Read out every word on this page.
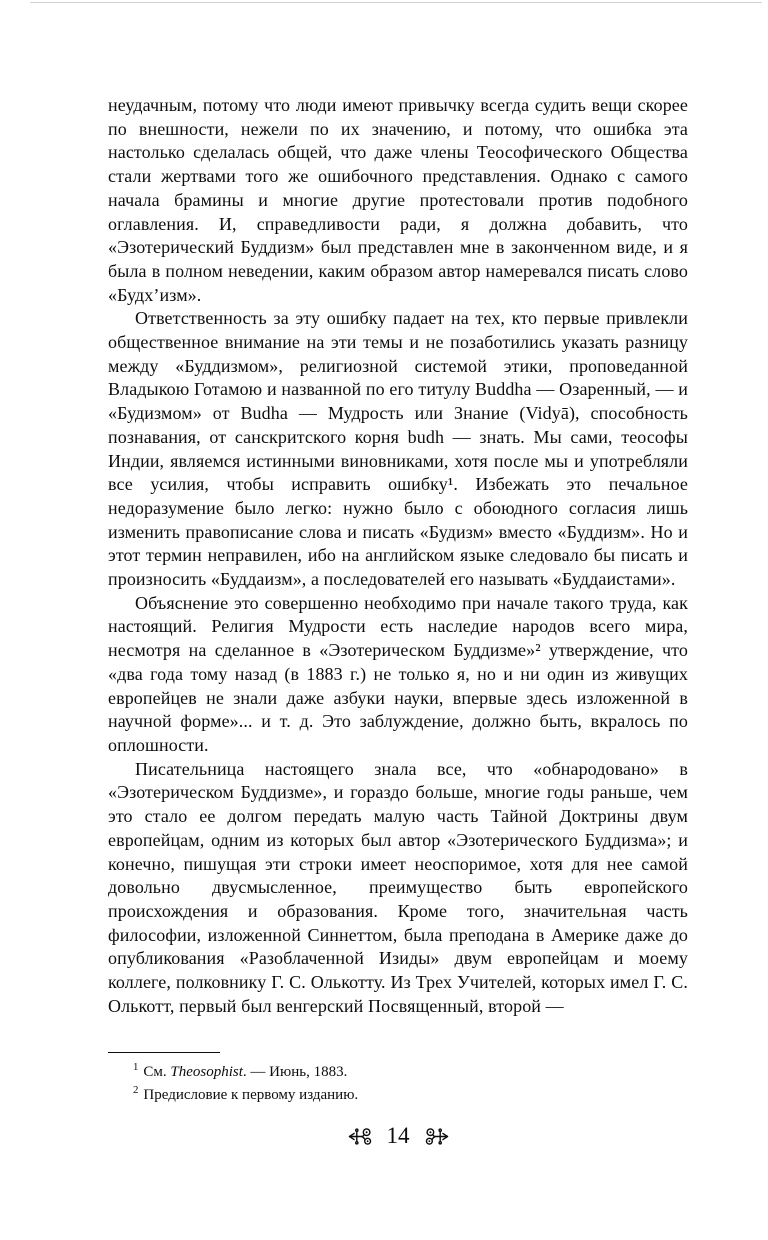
неудачным, потому что люди имеют привычку всегда судить вещи скорее по внешности, нежели по их значению, и потому, что ошибка эта настолько сделалась общей, что даже члены Теософического Общества стали жертвами того же ошибочного представления. Однако с самого начала брамины и многие другие протестовали против подобного оглавления. И, справедливости ради, я должна добавить, что «Эзотерический Буддизм» был представлен мне в законченном виде, и я была в полном неведении, каким образом автор намеревался писать слово «Будх’изм».

Ответственность за эту ошибку падает на тех, кто первые привлекли общественное внимание на эти темы и не позаботились указать разницу между «Буддизмом», религиозной системой этики, проповеданной Владыкою Готамою и названной по его титулу Buddha — Озаренный, — и «Будизмом» от Budha — Мудрость или Знание (Vidyā), способность познавания, от санскритского корня budh — знать. Мы сами, теософы Индии, являемся истинными виновниками, хотя после мы и употребляли все усилия, чтобы исправить ошибку¹. Избежать это печальное недоразумение было легко: нужно было с обоюдного согласия лишь изменить правописание слова и писать «Будизм» вместо «Буддизм». Но и этот термин неправилен, ибо на английском языке следовало бы писать и произносить «Буддаизм», а последователей его называть «Буддаистами».

Объяснение это совершенно необходимо при начале такого труда, как настоящий. Религия Мудрости есть наследие народов всего мира, несмотря на сделанное в «Эзотерическом Буддизме»² утверждение, что «два года тому назад (в 1883 г.) не только я, но и ни один из живущих европейцев не знали даже азбуки науки, впервые здесь изложенной в научной форме»... и т. д. Это заблуждение, должно быть, вкралось по оплошности.

Писательница настоящего знала все, что «обнародовано» в «Эзотерическом Буддизме», и гораздо больше, многие годы раньше, чем это стало ее долгом передать малую часть Тайной Доктрины двум европейцам, одним из которых был автор «Эзотерического Буддизма»; и конечно, пишущая эти строки имеет неоспоримое, хотя для нее самой довольно двусмысленное, преимущество быть европейского происхождения и образования. Кроме того, значительная часть философии, изложенной Синнеттом, была преподана в Америке даже до опубликования «Разоблаченной Изиды» двум европейцам и моему коллеге, полковнику Г. С. Олькотту. Из Трех Учителей, которых имел Г. С. Олькотт, первый был венгерский Посвященный, второй —

$^1$ См. Theosophist. — Июнь, 1883.
$^2$ Предисловие к первому изданию.
14
